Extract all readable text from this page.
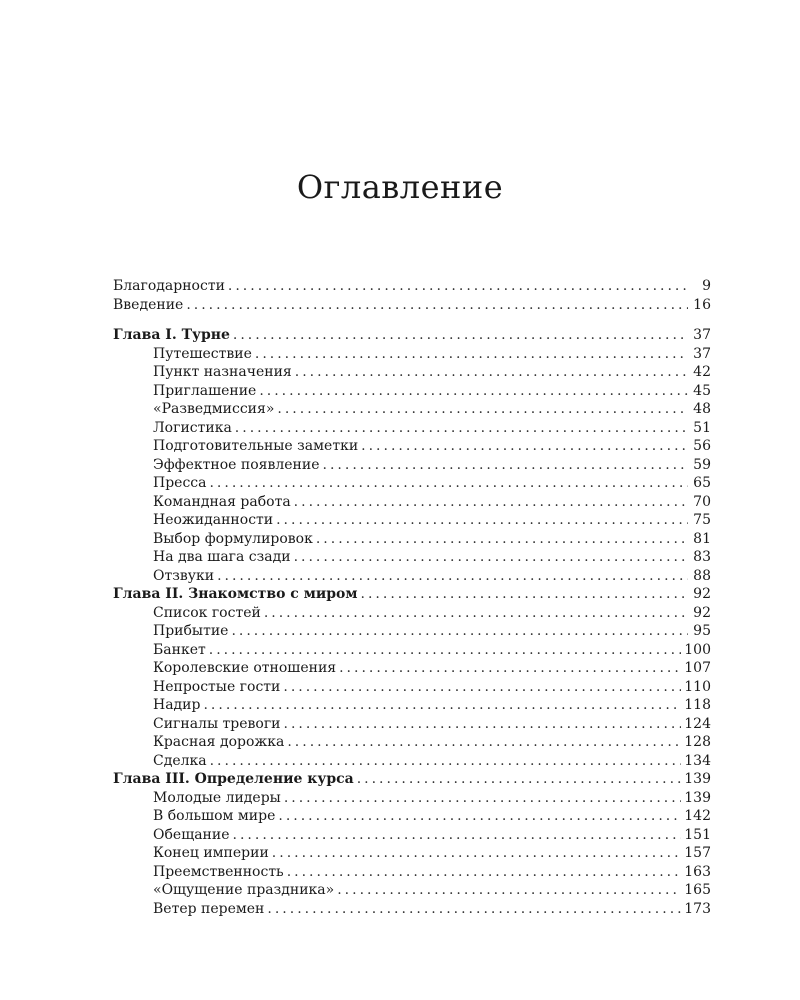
Оглавление
Благодарности .....	9
Введение .....	16
Глава I. Турне .....	37
Путешествие .....	37
Пункт назначения .....	42
Приглашение .....	45
«Разведмиссия» .....	48
Логистика .....	51
Подготовительные заметки .....	56
Эффектное появление .....	59
Пресса .....	65
Командная работа .....	70
Неожиданности .....	75
Выбор формулировок .....	81
На два шага сзади .....	83
Отзвуки .....	88
Глава II. Знакомство с миром .....	92
Список гостей .....	92
Прибытие .....	95
Банкет .....	100
Королевские отношения .....	107
Непростые гости .....	110
Надир .....	118
Сигналы тревоги .....	124
Красная дорожка .....	128
Сделка .....	134
Глава III. Определение курса .....	139
Молодые лидеры .....	139
В большом мире .....	142
Обещание .....	151
Конец империи .....	157
Преемственность .....	163
«Ощущение праздника» .....	165
Ветер перемен .....	173
